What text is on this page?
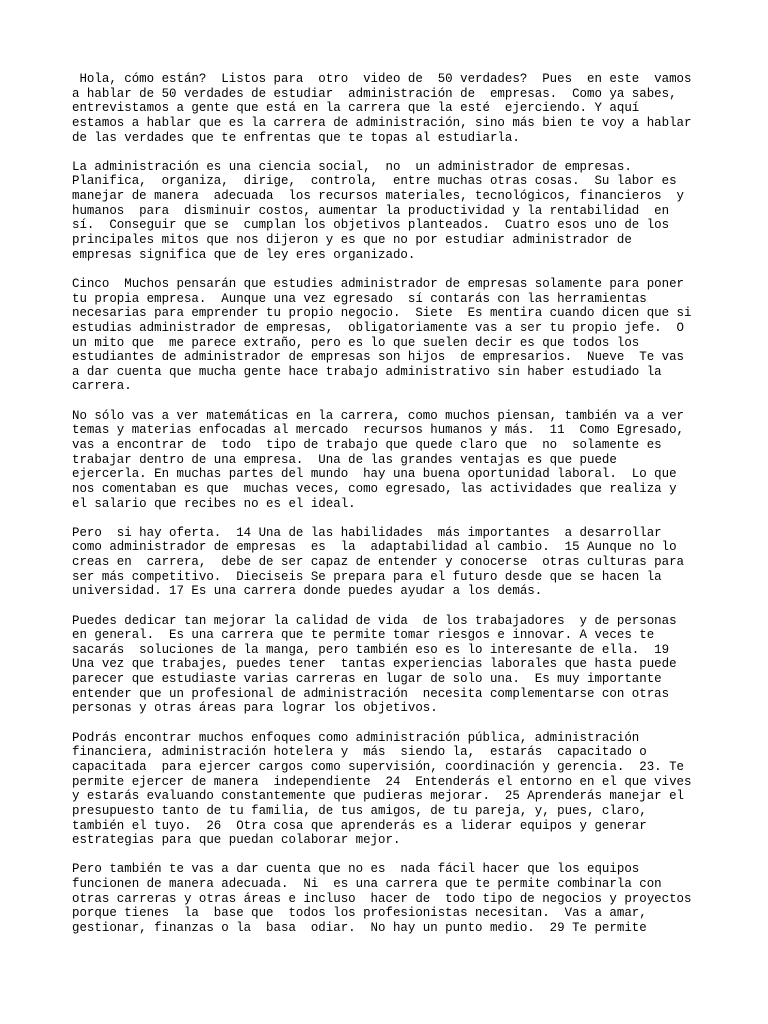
Hola, cómo están?  Listos para  otro  video de  50 verdades?  Pues  en este  vamos
a hablar de 50 verdades de estudiar  administración de  empresas.  Como ya sabes,
entrevistamos a gente que está en la carrera que la esté  ejerciendo. Y aquí
estamos a hablar que es la carrera de administración, sino más bien te voy a hablar
de las verdades que te enfrentas que te topas al estudiarla.

La administración es una ciencia social,  no  un administrador de empresas.
Planifica,  organiza,  dirige,  controla,  entre muchas otras cosas.  Su labor es
manejar de manera  adecuada  los recursos materiales, tecnológicos, financieros  y
humanos  para  disminuir costos, aumentar la productividad y la rentabilidad  en
sí.  Conseguir que se  cumplan los objetivos planteados.  Cuatro esos uno de los
principales mitos que nos dijeron y es que no por estudiar administrador de
empresas significa que de ley eres organizado.

Cinco  Muchos pensarán que estudies administrador de empresas solamente para poner
tu propia empresa.  Aunque una vez egresado  sí contarás con las herramientas
necesarias para emprender tu propio negocio.  Siete  Es mentira cuando dicen que si
estudias administrador de empresas,  obligatoriamente vas a ser tu propio jefe.  O
un mito que  me parece extraño, pero es lo que suelen decir es que todos los
estudiantes de administrador de empresas son hijos  de empresarios.  Nueve  Te vas
a dar cuenta que mucha gente hace trabajo administrativo sin haber estudiado la
carrera.

No sólo vas a ver matemáticas en la carrera, como muchos piensan, también va a ver
temas y materias enfocadas al mercado  recursos humanos y más.  11  Como Egresado,
vas a encontrar de  todo  tipo de trabajo que quede claro que  no  solamente es
trabajar dentro de una empresa.  Una de las grandes ventajas es que puede
ejercerla. En muchas partes del mundo  hay una buena oportunidad laboral.  Lo que
nos comentaban es que  muchas veces, como egresado, las actividades que realiza y
el salario que recibes no es el ideal.

Pero  si hay oferta.  14 Una de las habilidades  más importantes  a desarrollar
como administrador de empresas  es  la  adaptabilidad al cambio.  15 Aunque no lo
creas en  carrera,  debe de ser capaz de entender y conocerse  otras culturas para
ser más competitivo.  Dieciseis Se prepara para el futuro desde que se hacen la
universidad. 17 Es una carrera donde puedes ayudar a los demás.

Puedes dedicar tan mejorar la calidad de vida  de los trabajadores  y de personas
en general.  Es una carrera que te permite tomar riesgos e innovar. A veces te
sacarás  soluciones de la manga, pero también eso es lo interesante de ella.  19
Una vez que trabajes, puedes tener  tantas experiencias laborales que hasta puede
parecer que estudiaste varias carreras en lugar de solo una.  Es muy importante
entender que un profesional de administración  necesita complementarse con otras
personas y otras áreas para lograr los objetivos.

Podrás encontrar muchos enfoques como administración pública, administración
financiera, administración hotelera y  más  siendo la,  estarás  capacitado o
capacitada  para ejercer cargos como supervisión, coordinación y gerencia.  23. Te
permite ejercer de manera  independiente  24  Entenderás el entorno en el que vives
y estarás evaluando constantemente que pudieras mejorar.  25 Aprenderás manejar el
presupuesto tanto de tu familia, de tus amigos, de tu pareja, y, pues, claro,
también el tuyo.  26  Otra cosa que aprenderás es a liderar equipos y generar
estrategias para que puedan colaborar mejor.

Pero también te vas a dar cuenta que no es  nada fácil hacer que los equipos
funcionen de manera adecuada.  Ni  es una carrera que te permite combinarla con
otras carreras y otras áreas e incluso  hacer de  todo tipo de negocios y proyectos
porque tienes  la  base que  todos los profesionistas necesitan.  Vas a amar,
gestionar, finanzas o la  basa  odiar.  No hay un punto medio.  29 Te permite
